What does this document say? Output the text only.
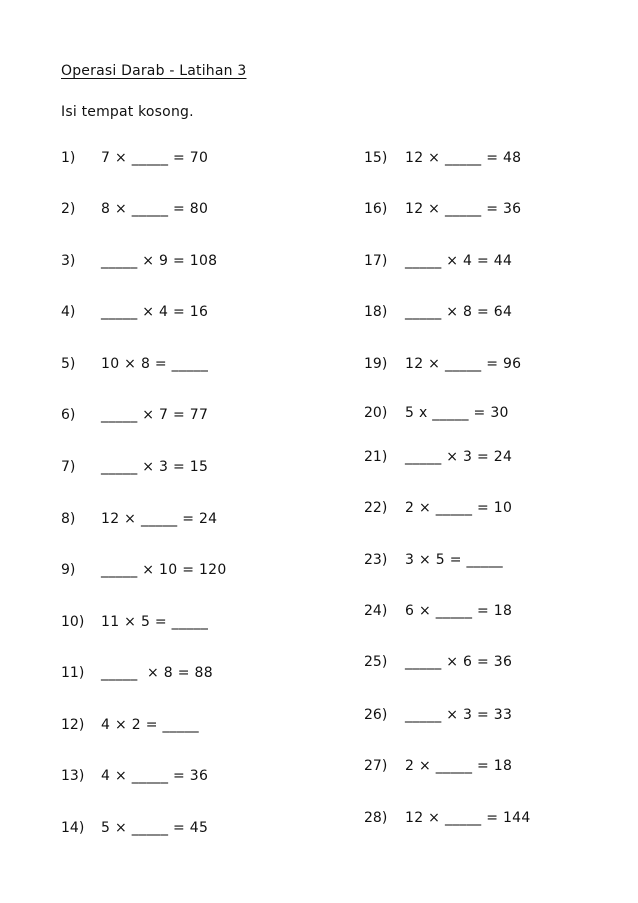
Operasi Darab - Latihan 3
Isi tempat kosong.
1) 7 × _____ = 70
2) 8 × _____ = 80
3) _____ × 9 = 108
4) _____ × 4 = 16
5) 10 × 8 = _____
6) _____ × 7 = 77
7) _____ × 3 = 15
8) 12 × _____ = 24
9) _____ × 10 = 120
10) 11 × 5 = _____
11) _____  × 8 = 88
12) 4 × 2 = _____
13) 4 × _____ = 36
14) 5 × _____ = 45
15) 12 × _____ = 48
16) 12 × _____ = 36
17) _____ × 4 = 44
18) _____ × 8 = 64
19) 12 × _____ = 96
20) 5 x _____ = 30
21) _____ × 3 = 24
22) 2 × _____ = 10
23) 3 × 5 = _____
24) 6 × _____ = 18
25) _____ × 6 = 36
26) _____ × 3 = 33
27) 2 × _____ = 18
28) 12 × _____ = 144
